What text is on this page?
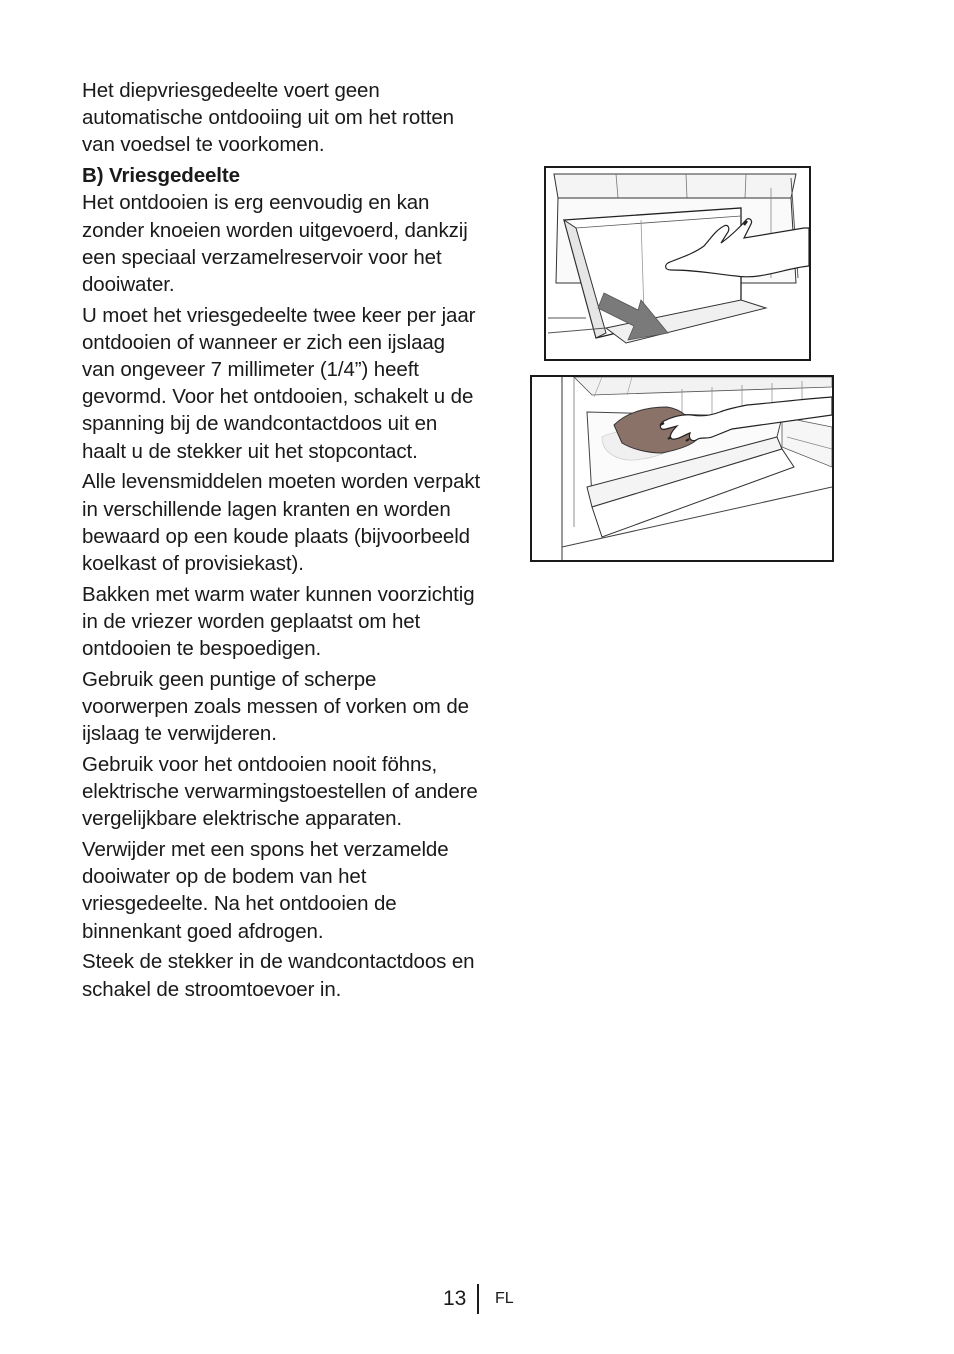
Het diepvriesgedeelte voert geen automatische ontdooiing uit om het rotten van voedsel te voorkomen.

B) Vriesgedeelte

Het ontdooien is erg eenvoudig en kan zonder knoeien worden uitgevoerd, dankzij een speciaal verzamelreservoir voor het dooiwater.

U moet het vriesgedeelte twee keer per jaar ontdooien of wanneer er zich een ijslaag van ongeveer 7 millimeter (1/4”) heeft gevormd. Voor het ontdooien, schakelt u de spanning bij de wandcontactdoos uit en haalt u de stekker uit het stopcontact.

Alle levensmiddelen moeten worden verpakt in verschillende lagen kranten en worden bewaard op een koude plaats (bijvoorbeeld koelkast of provisiekast).

Bakken met warm water kunnen voorzichtig in de vriezer worden geplaatst om het ontdooien te bespoedigen.

Gebruik geen puntige of scherpe voorwerpen zoals messen of vorken om de ijslaag te verwijderen.

Gebruik voor het ontdooien nooit föhns, elektrische verwarmingstoestellen of andere vergelijkbare elektrische apparaten.

Verwijder met een spons het verzamelde dooiwater op de bodem van het vriesgedeelte. Na het ontdooien de binnenkant goed afdrogen.

Steek de stekker in de wandcontactdoos en schakel de stroomtoevoer in.

13 FL
